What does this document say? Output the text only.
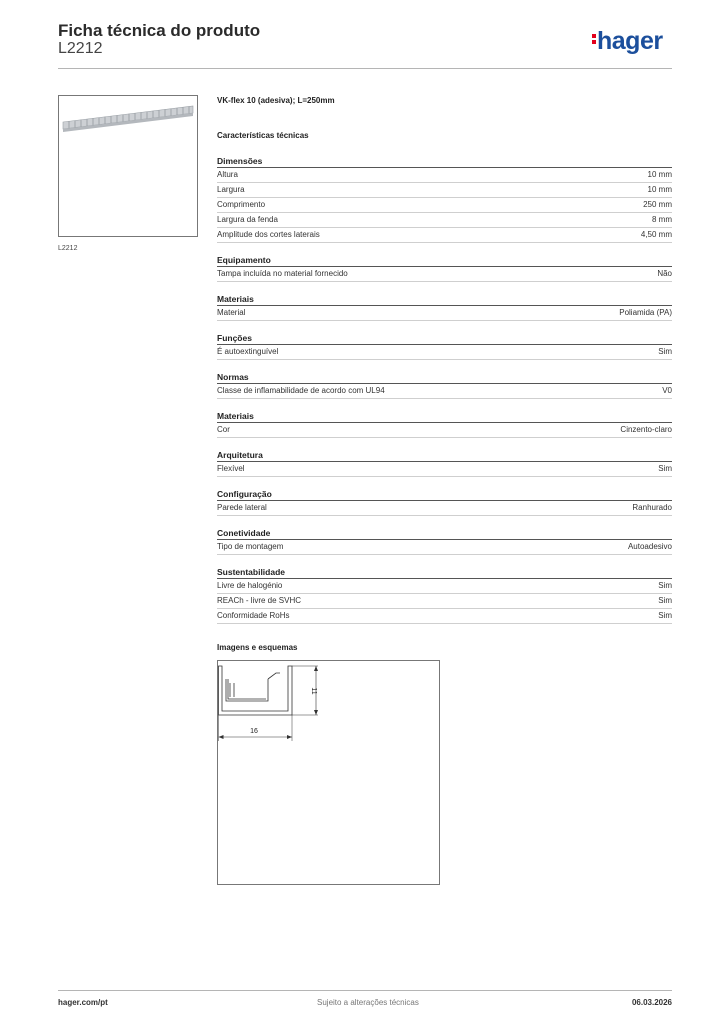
Ficha técnica do produto
L2212	hager
L2212
VK-flex 10 (adesiva); L=250mm
Características técnicas
Dimensões
Altura	10 mm
Largura	10 mm
Comprimento	250 mm
Largura da fenda	8 mm
Amplitude dos cortes laterais	4,50 mm
Equipamento
Tampa incluída no material fornecido	Não
Materiais
Material	Poliamida (PA)
Funções
É autoextinguível	Sim
Normas
Classe de inflamabilidade de acordo com UL94	V0
Materiais
Cor	Cinzento-claro
Arquitetura
Flexível	Sim
Configuração
Parede lateral	Ranhurado
Conetividade
Tipo de montagem	Autoadesivo
Sustentabilidade
Livre de halogénio	Sim
REACh - livre de SVHC	Sim
Conformidade RoHs	Sim
Imagens e esquemas
16
11
hager.com/pt	Sujeito a alterações técnicas	06.03.2026
